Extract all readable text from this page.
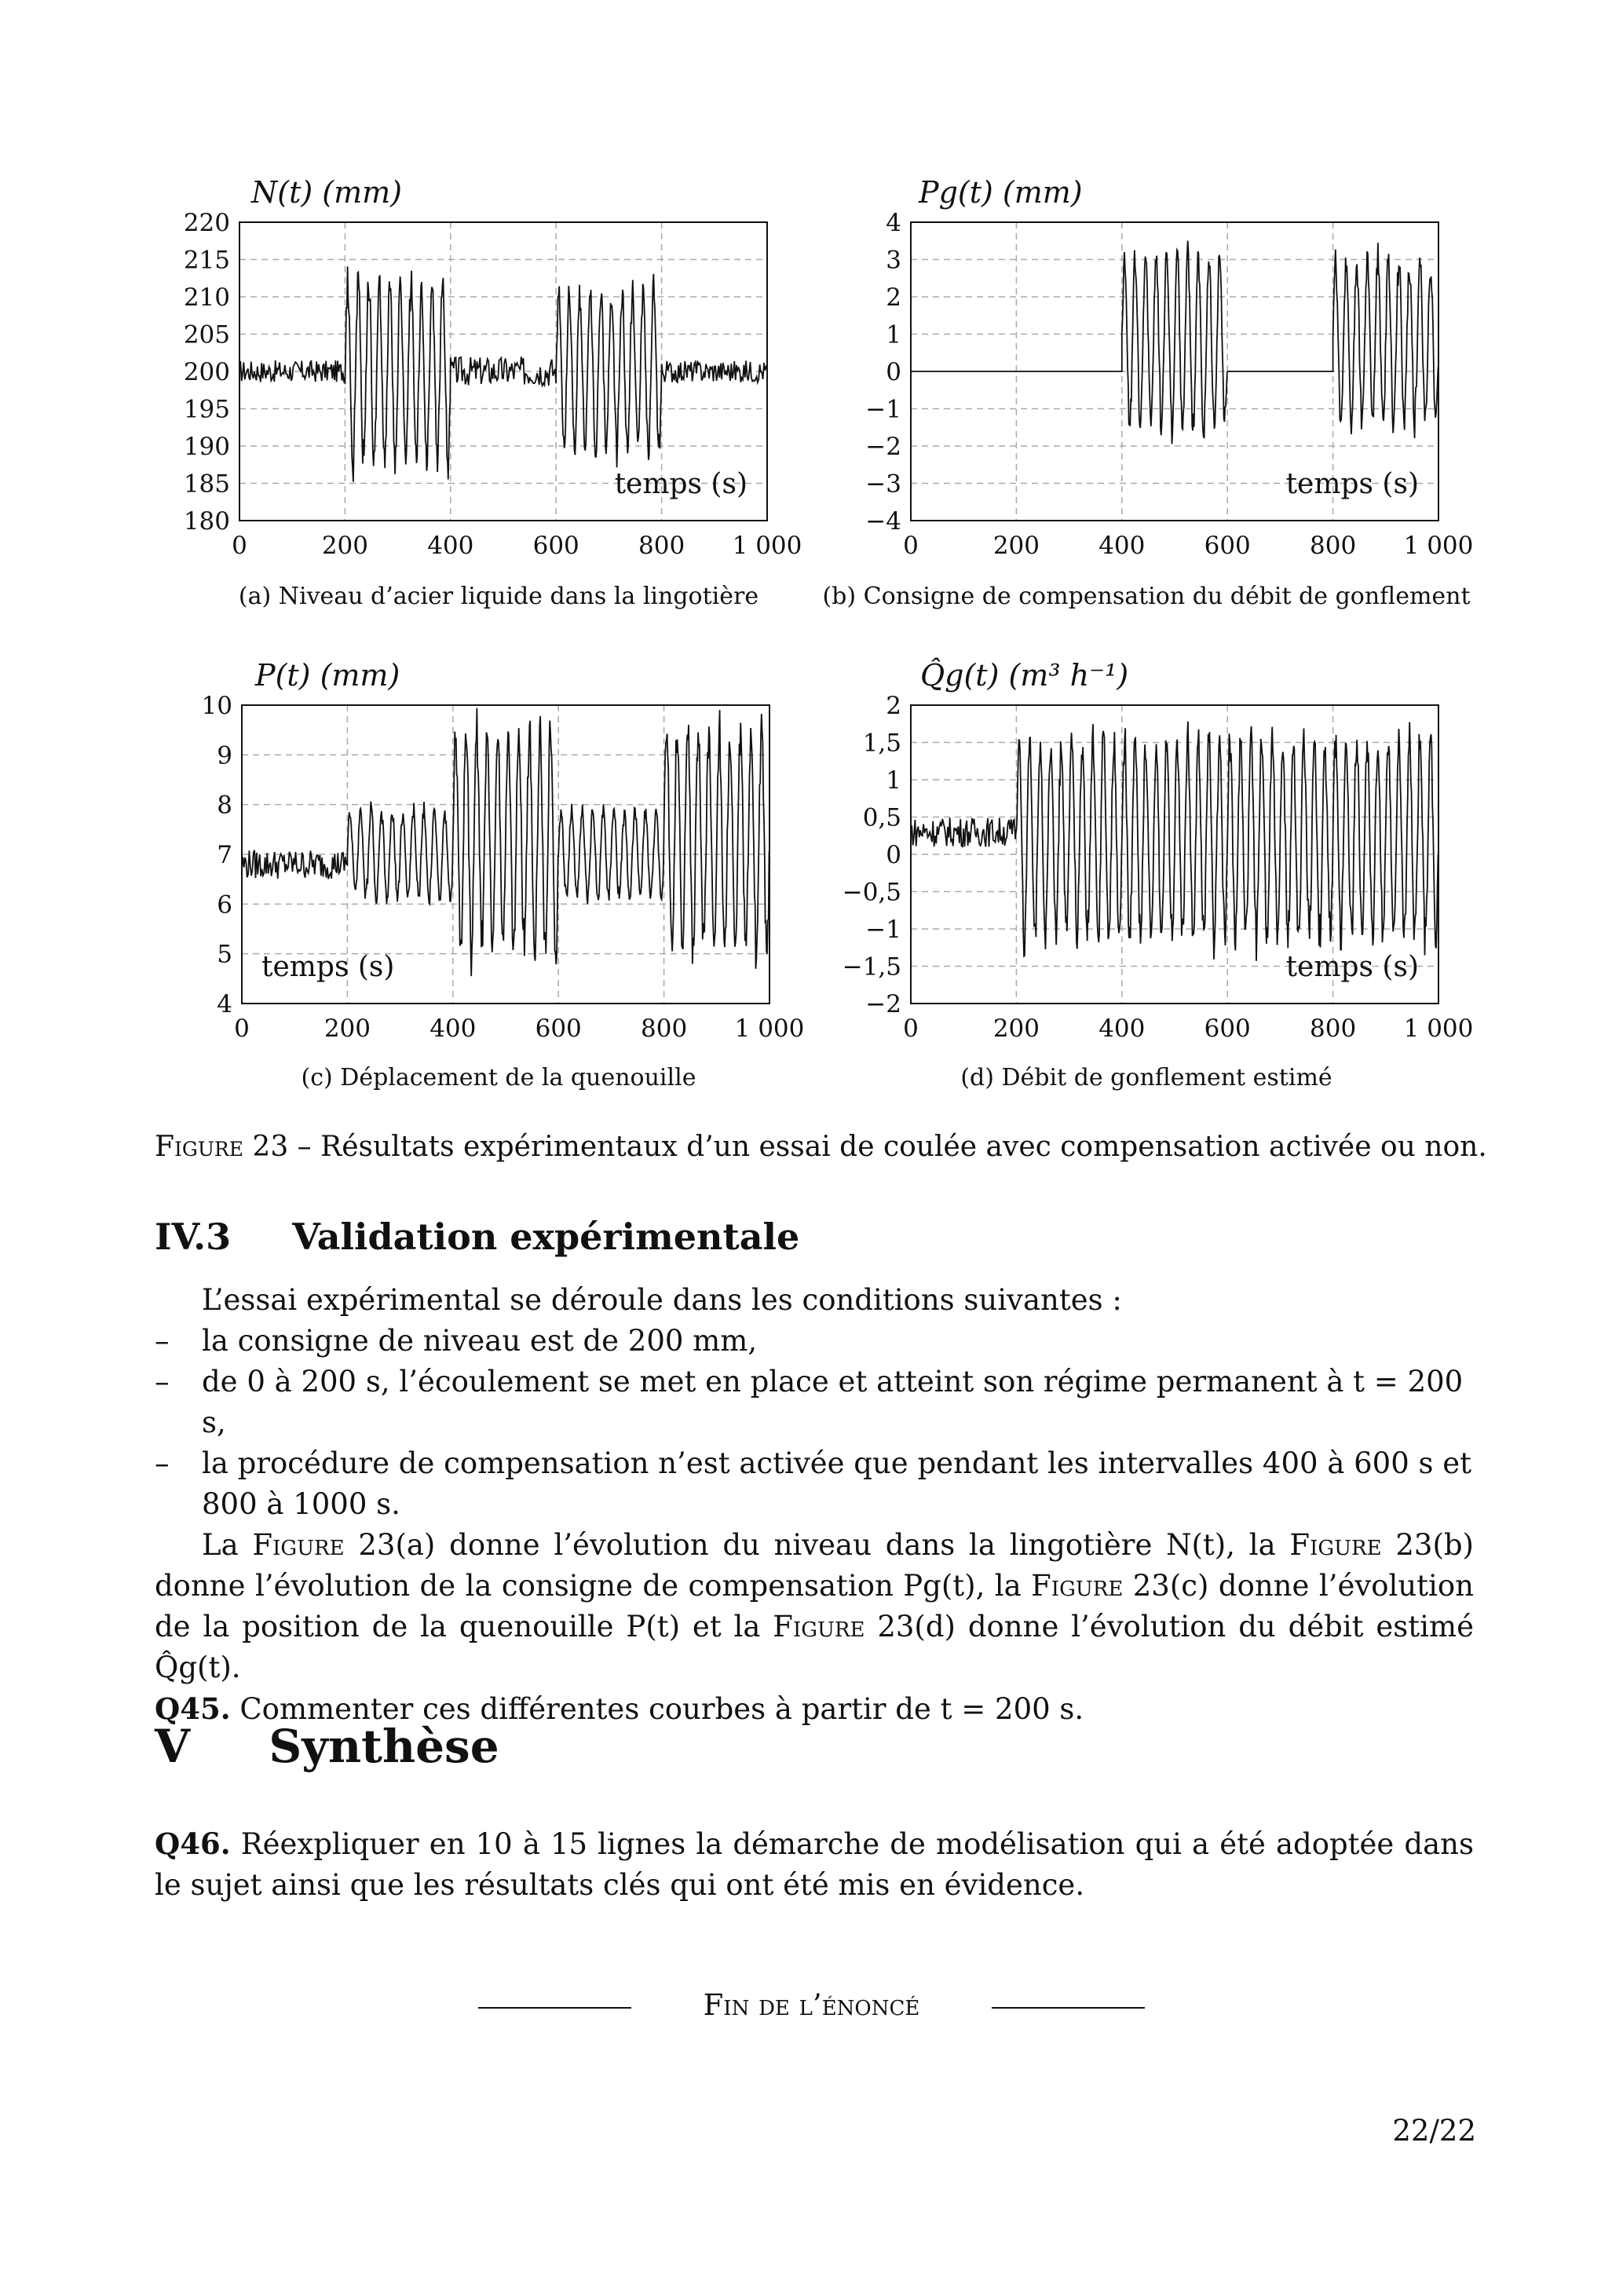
180
185
190
195
200
205
210
215
220
0	200 400 600 800 1 000
N(t) (mm)
temps (s)
−4
−3
−2
−1
0
1
2
3
4
0	200 400 600 800 1 000
Pg(t) (mm)
temps (s)
4
5
6
7
8
9
10
0	200 400 600 800 1 000
P(t) (mm)
temps (s)
−2
−1,5
−1
−0,5
0
0,5
1
1,5
2
0	200 400 600 800 1 000
Q̂g(t) (m³ h⁻¹)
temps (s)
(a) Niveau d’acier liquide dans la lingotière	(b) Consigne de compensation du débit de gonflement
(c) Déplacement de la quenouille	(d) Débit de gonflement estimé
Figure 23 – Résultats expérimentaux d’un essai de coulée avec compensation activée ou non.
IV.3 Validation expérimentale
L’essai expérimental se déroule dans les conditions suivantes :
–	la consigne de niveau est de 200 mm,
–	de 0 à 200 s, l’écoulement se met en place et atteint son régime permanent à t = 200 s,
–	la procédure de compensation n’est activée que pendant les intervalles 400 à 600 s et 800 à 1000 s.
La Figure 23(a) donne l’évolution du niveau dans la lingotière N(t), la Figure 23(b) donne l’évolution de la consigne de compensation Pg(t), la Figure 23(c) donne l’évolution de la position de la quenouille P(t) et la Figure 23(d) donne l’évolution du débit estimé Q̂g(t).
Q45. Commenter ces différentes courbes à partir de t = 200 s.
V Synthèse
Q46. Réexpliquer en 10 à 15 lignes la démarche de modélisation qui a été adoptée dans le sujet ainsi que les résultats clés qui ont été mis en évidence.
Fin de l’énoncé
22/22
